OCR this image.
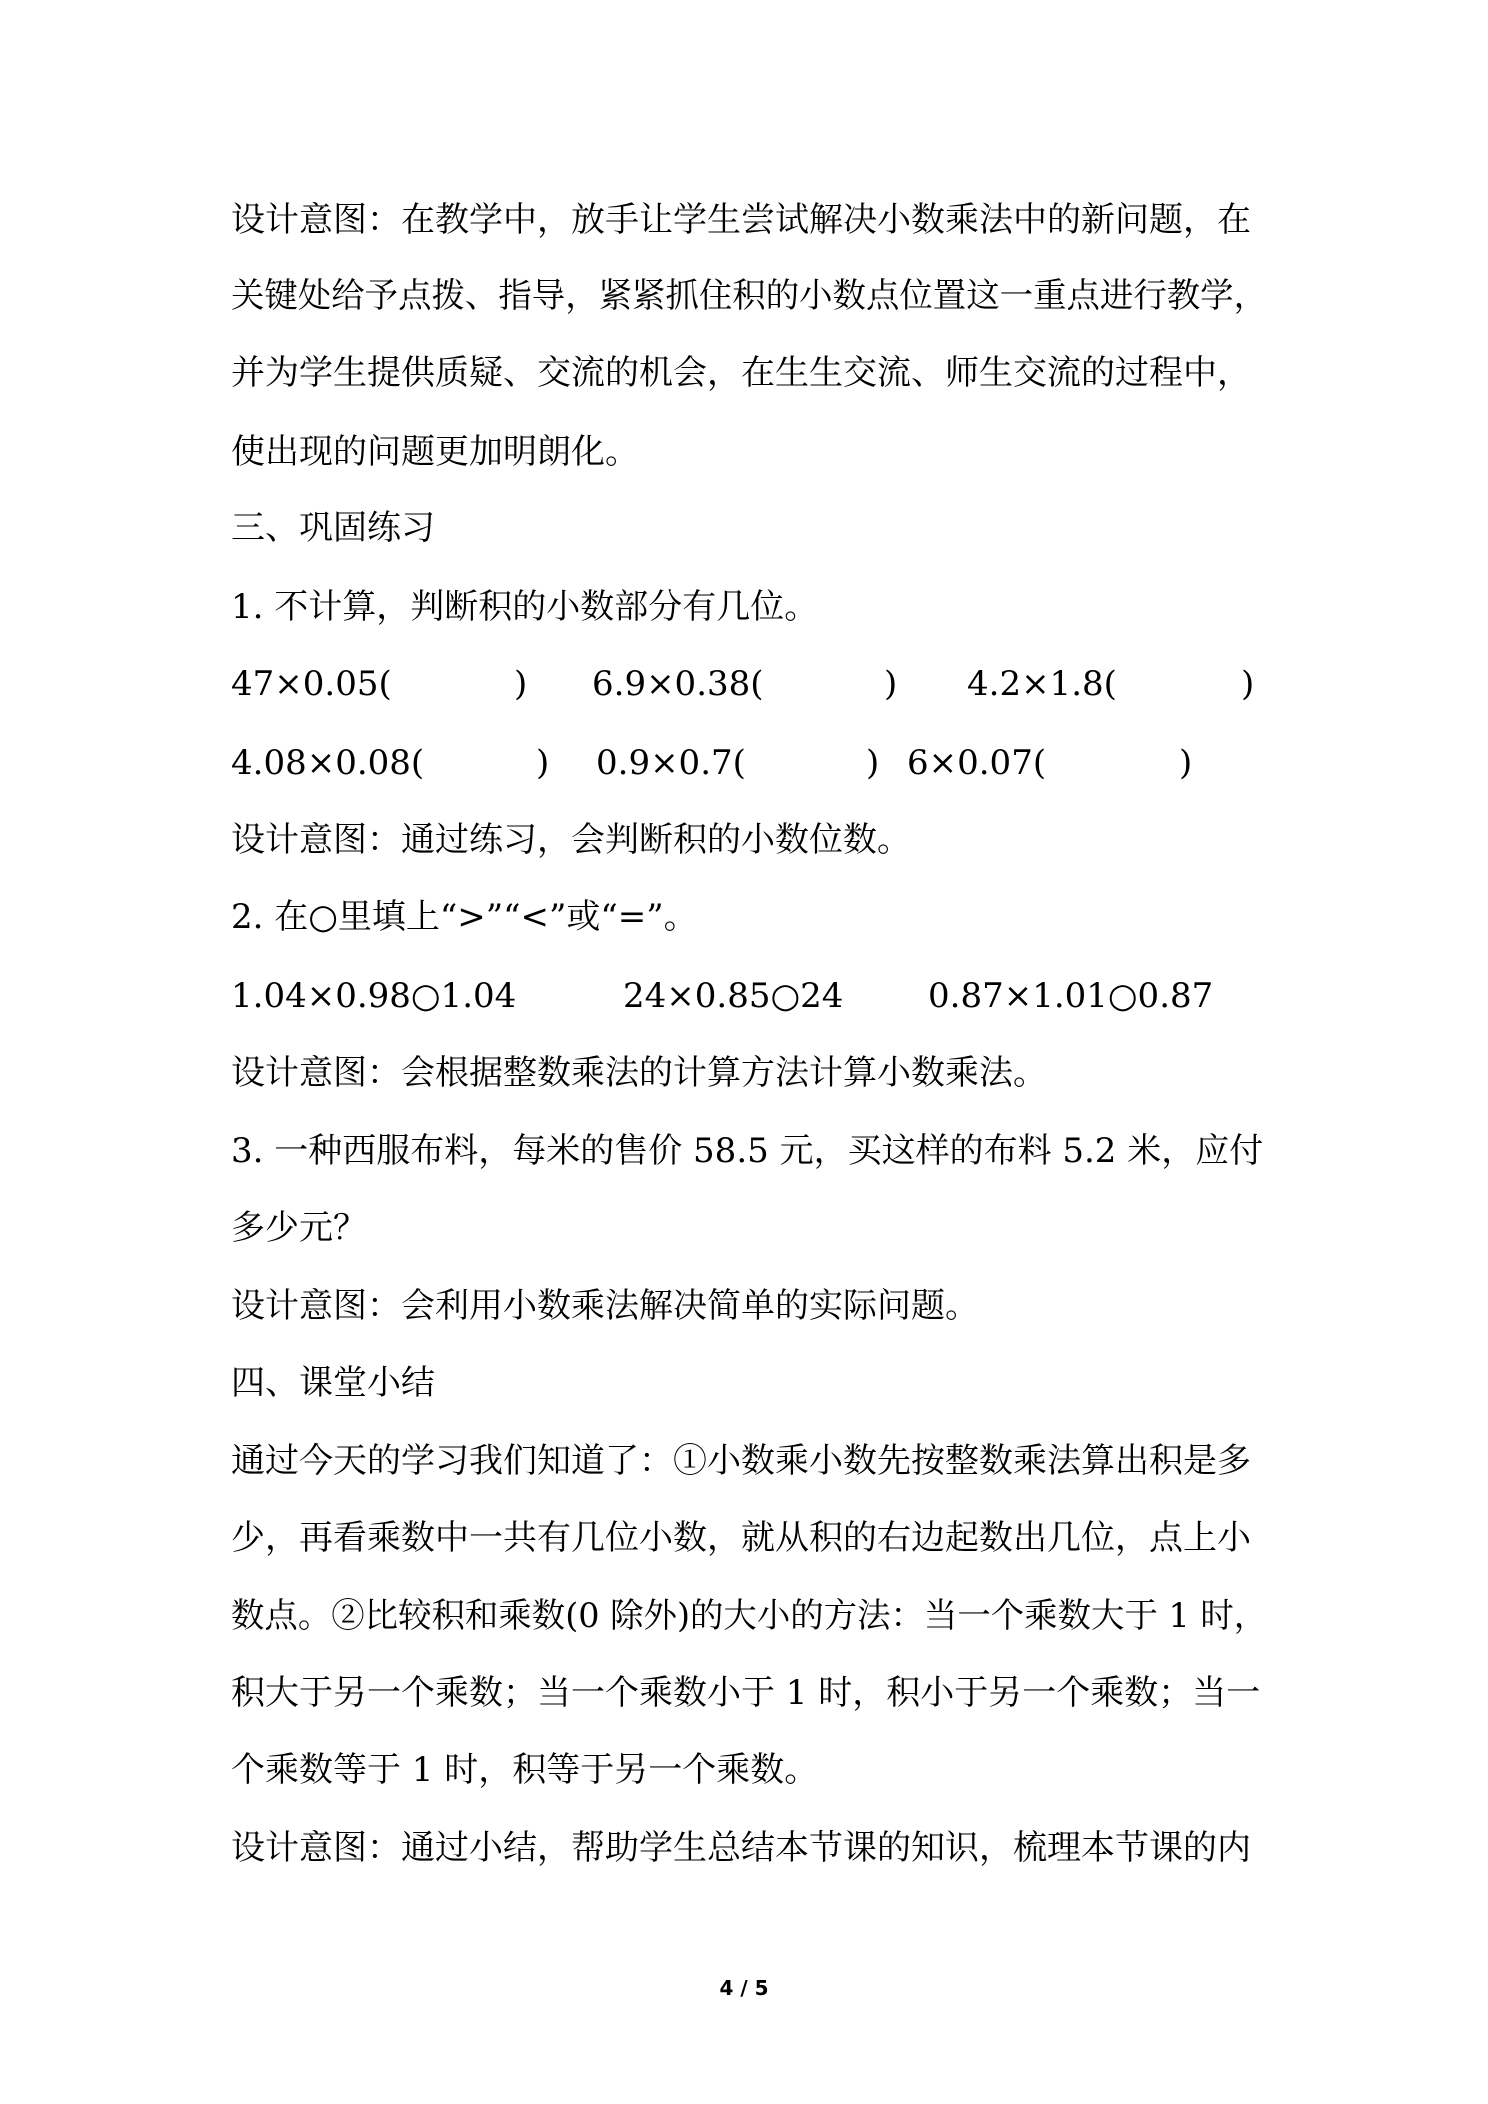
设计意图：在教学中，放手让学生尝试解决小数乘法中的新问题，在
关键处给予点拨、指导，紧紧抓住积的小数点位置这一重点进行教学，
并为学生提供质疑、交流的机会，在生生交流、师生交流的过程中，
使出现的问题更加明朗化。
三、巩固练习
1. 不计算，判断积的小数部分有几位。
47×0.05(	) 6.9×0.38(	) 4.2×1.8(	)
4.08×0.08(	) 0.9×0.7(	) 6×0.07(	)
设计意图：通过练习，会判断积的小数位数。
2. 在○里填上“>”“<”或“=”。
1.04×0.98○1.04	24×0.85○24 0.87×1.01○0.87
设计意图：会根据整数乘法的计算方法计算小数乘法。
3. 一种西服布料，每米的售价 58.5 元，买这样的布料 5.2 米，应付
多少元？
设计意图：会利用小数乘法解决简单的实际问题。
四、课堂小结
通过今天的学习我们知道了：①小数乘小数先按整数乘法算出积是多
少，再看乘数中一共有几位小数，就从积的右边起数出几位，点上小
数点。②比较积和乘数(0 除外)的大小的方法：当一个乘数大于 1 时，
积大于另一个乘数；当一个乘数小于 1 时，积小于另一个乘数；当一
个乘数等于 1 时，积等于另一个乘数。
设计意图：通过小结，帮助学生总结本节课的知识，梳理本节课的内
4 / 5
